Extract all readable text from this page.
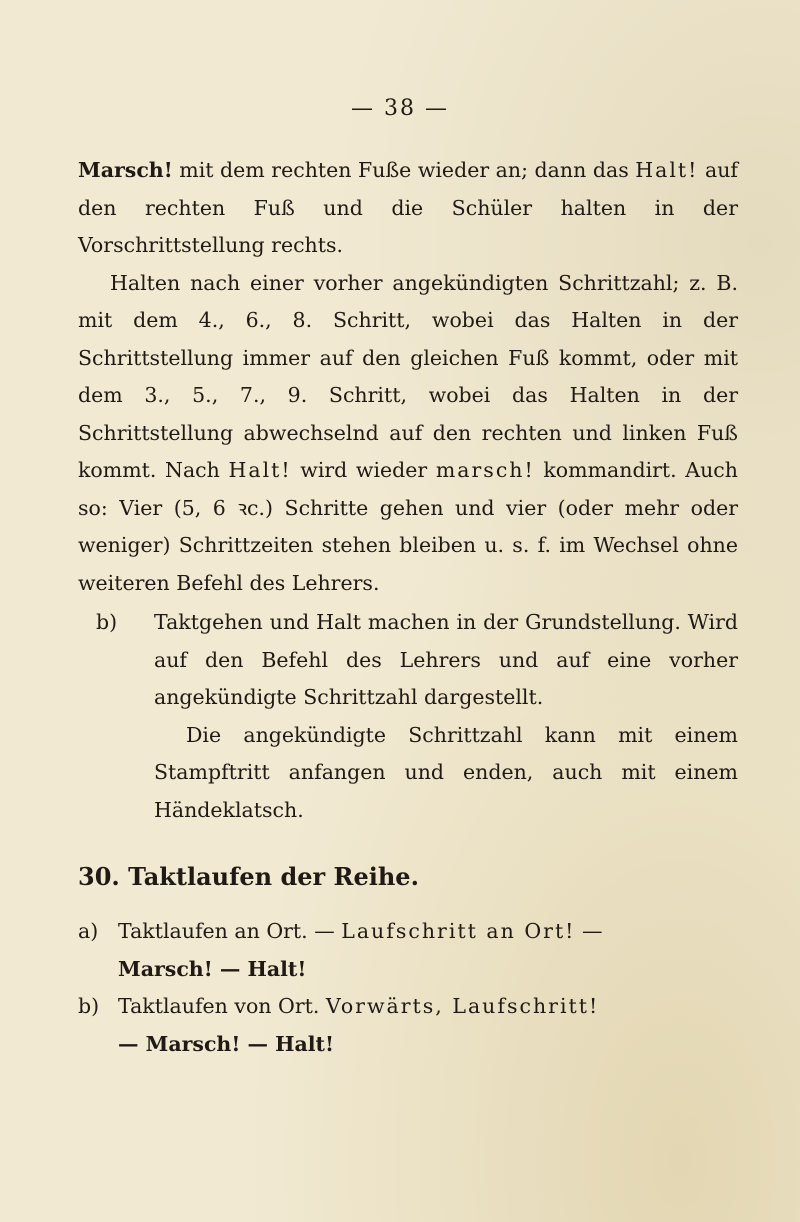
— 38 —

Marsch! mit dem rechten Fuße wieder an; dann das Halt! auf den rechten Fuß und die Schüler halten in der Vorschrittstellung rechts.

Halten nach einer vorher angekündigten Schrittzahl; z. B. mit dem 4., 6., 8. Schritt, wobei das Halten in der Schrittstellung immer auf den gleichen Fuß kommt, oder mit dem 3., 5., 7., 9. Schritt, wobei das Halten in der Schrittstellung abwechselnd auf den rechten und linken Fuß kommt. Nach Halt! wird wieder marsch! kommandirt. Auch so: Vier (5, 6 ꝛc.) Schritte gehen und vier (oder mehr oder weniger) Schrittzeiten stehen bleiben u. s. f. im Wechsel ohne weiteren Befehl des Lehrers.

b)	Taktgehen und Halt machen in der Grundstellung. Wird auf den Befehl des Lehrers und auf eine vorher angekündigte Schrittzahl dargestellt.

Die angekündigte Schrittzahl kann mit einem Stampftritt anfangen und enden, auch mit einem Händeklatsch.

30. Taktlaufen der Reihe.

a) Taktlaufen an Ort. — Laufschritt an Ort! —
Marsch! — Halt!
b) Taktlaufen von Ort. Vorwärts, Laufschritt!
— Marsch! — Halt!
